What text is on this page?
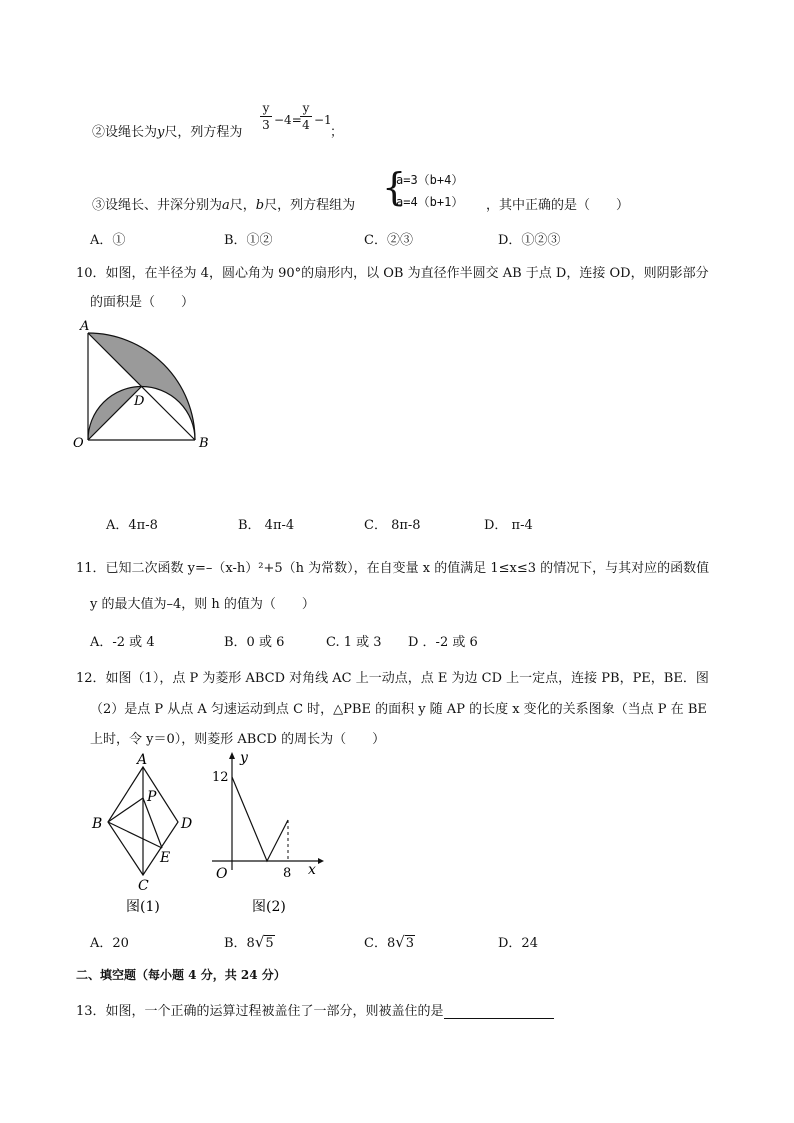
②设绳长为y尺，列方程为
y
3 −4=
y
4 −1
；
③设绳长、井深分别为a尺，b尺，列方程组为 {
a=3（b+4）
a=4（b+1） ，其中正确的是（　　）
A．①	B．①②	C．②③	D．①②③
10．如图，在半径为 4，圆心角为 90°的扇形内，以 OB 为直径作半圆交 AB 于点 D，连接 OD，则阴影部分
的面积是（　　）
A
D
O	B
A．4π-8	B． 4π-4	C． 8π-8	D． π-4
11．已知二次函数 y=–（x-h）²+5（h 为常数），在自变量 x 的值满足 1≤x≤3 的情况下，与其对应的函数值
y 的最大值为–4，则 h 的值为（　　）
A．-2 或 4	B．0 或 6	C. 1 或 3 D ．-2 或 6
12．如图（1），点 P 为菱形 ABCD 对角线 AC 上一动点，点 E 为边 CD 上一定点，连接 PB，PE，BE．图
（2）是点 P 从点 A 匀速运动到点 C 时，△PBE 的面积 y 随 AP 的长度 x 变化的关系图象（当点 P 在 BE
上时，令 y＝0），则菱形 ABCD 的周长为（　　）
A
B	D
C
P
E
图(1)
y
12
O	8 x
图(2)
A．20	B．8√5	C．8√3	D．24
二、填空题（每小题 4 分，共 24 分）
13．如图，一个正确的运算过程被盖住了一部分，则被盖住的是
